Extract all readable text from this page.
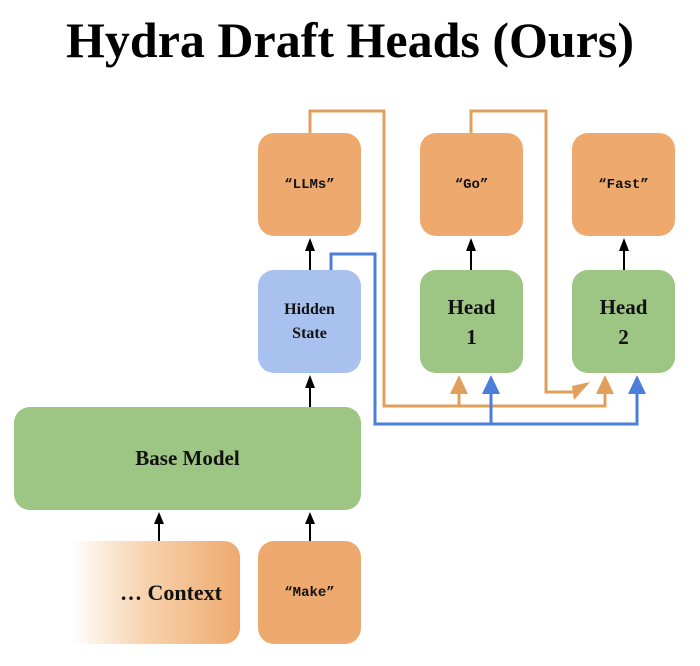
Hydra Draft Heads (Ours)
“LLMs”	“Go”	“Fast”
Hidden
State
Head
1
Head
2
Base Model
… Context	“Make”
